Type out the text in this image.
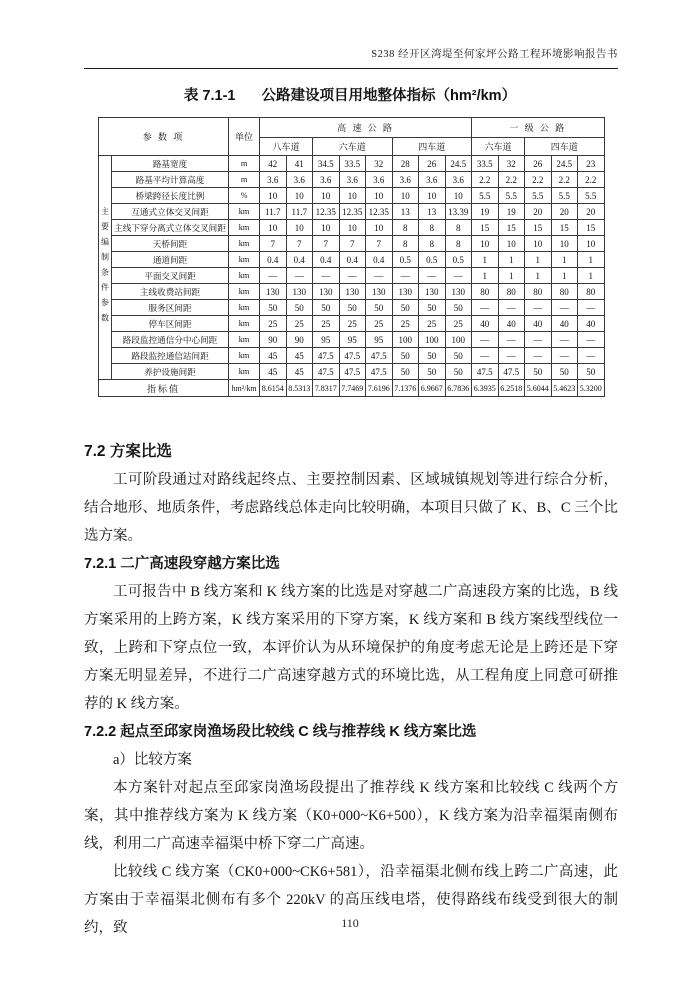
S238 经开区湾堤至何家坪公路工程环境影响报告书
表 7.1-1 公路建设项目用地整体指标（hm²/km）
参 数 项		单位	高 速 公 路								一 级 公 路				
			八车道		六车道			四车道			六车道		四车道		
主要编制条件参数	路基宽度	m	42	41	34.5	33.5	32	28	26	24.5	33.5	32	26	24.5	23
	路基平均计算高度	m	3.6	3.6	3.6	3.6	3.6	3.6	3.6	3.6	2.2	2.2	2.2	2.2	2.2
	桥梁跨径长度比例	%	10	10	10	10	10	10	10	10	5.5	5.5	5.5	5.5	5.5
	互通式立体交叉间距	km	11.7	11.7	12.35	12.35	12.35	13	13	13.39	19	19	20	20	20
	主线下穿分离式立体交叉间距	km	10	10	10	10	10	8	8	8	15	15	15	15	15
	天桥间距	km	7	7	7	7	7	8	8	8	10	10	10	10	10
	通道间距	km	0.4	0.4	0.4	0.4	0.4	0.5	0.5	0.5	1	1	1	1	1
	平面交叉间距	km	—	—	—	—	—	—	—	—	1	1	1	1	1
	主线收费站间距	km	130	130	130	130	130	130	130	130	80	80	80	80	80
	服务区间距	km	50	50	50	50	50	50	50	50	—	—	—	—	—
	停车区间距	km	25	25	25	25	25	25	25	25	40	40	40	40	40
	路段监控通信分中心间距	km	90	90	95	95	95	100	100	100	—	—	—	—	—
	路段监控通信站间距	km	45	45	47.5	47.5	47.5	50	50	50	—	—	—	—	—
	养护设施间距	km	45	45	47.5	47.5	47.5	50	50	50	47.5	47.5	50	50	50
指标值		hm²/km	8.6154	8.5313	7.8317	7.7469	7.6196	7.1376	6.9667	6.7836	6.3935	6.2518	5.6044	5.4623	5.3200
7.2 方案比选

工可阶段通过对路线起终点、主要控制因素、区域城镇规划等进行综合分析，结合地形、地质条件，考虑路线总体走向比较明确，本项目只做了 K、B、C 三个比选方案。

7.2.1 二广高速段穿越方案比选

工可报告中 B 线方案和 K 线方案的比选是对穿越二广高速段方案的比选，B 线方案采用的上跨方案，K 线方案采用的下穿方案，K 线方案和 B 线方案线型线位一致，上跨和下穿点位一致，本评价认为从环境保护的角度考虑无论是上跨还是下穿方案无明显差异，不进行二广高速穿越方式的环境比选，从工程角度上同意可研推荐的 K 线方案。

7.2.2 起点至邱家岗渔场段比较线 C 线与推荐线 K 线方案比选

a）比较方案

本方案针对起点至邱家岗渔场段提出了推荐线 K 线方案和比较线 C 线两个方案，其中推荐线方案为 K 线方案（K0+000~K6+500），K 线方案为沿幸福渠南侧布线，利用二广高速幸福渠中桥下穿二广高速。

比较线 C 线方案（CK0+000~CK6+581），沿幸福渠北侧布线上跨二广高速，此方案由于幸福渠北侧布有多个 220kV 的高压线电塔，使得路线布线受到很大的制约，致	110
